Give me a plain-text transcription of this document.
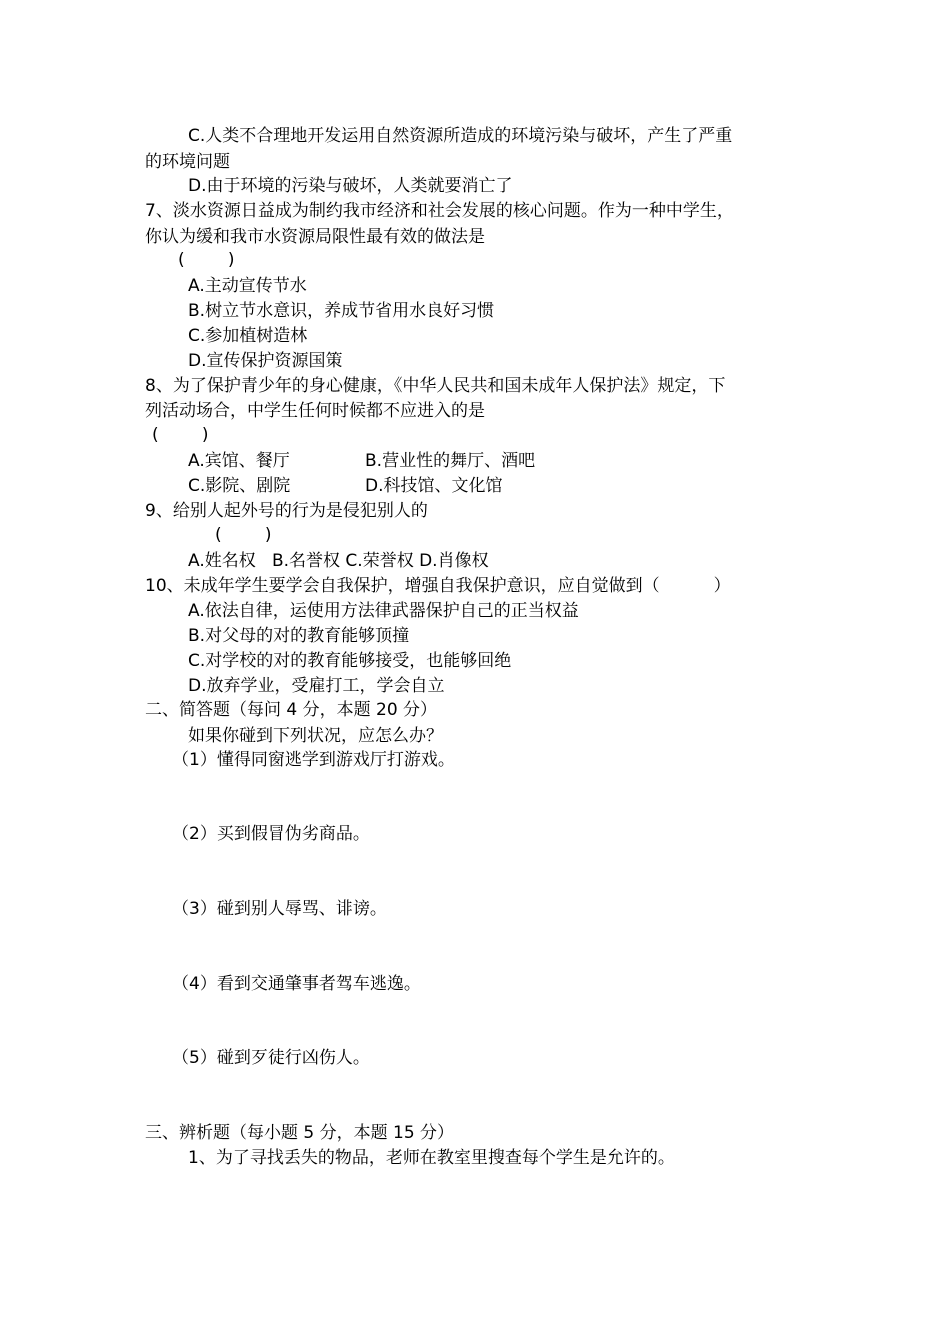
C.人类不合理地开发运用自然资源所造成的环境污染与破坏，产生了严重
的环境问题
D.由于环境的污染与破坏，人类就要消亡了
7、淡水资源日益成为制约我市经济和社会发展的核心问题。作为一种中学生，
你认为缓和我市水资源局限性最有效的做法是
(        )
A.主动宣传节水
B.树立节水意识，养成节省用水良好习惯
C.参加植树造林
D.宣传保护资源国策
8、为了保护青少年的身心健康，《中华人民共和国未成年人保护法》规定，下
列活动场合，中学生任何时候都不应进入的是
(        )
A.宾馆、餐厅	B.营业性的舞厅、酒吧
C.影院、剧院	D.科技馆、文化馆
9、给别人起外号的行为是侵犯别人的
(        )
A.姓名权   B.名誉权 C.荣誉权 D.肖像权
10、未成年学生要学会自我保护，增强自我保护意识，应自觉做到（          ）
A.依法自律，运使用方法律武器保护自己的正当权益
B.对父母的对的教育能够顶撞
C.对学校的对的教育能够接受，也能够回绝
D.放弃学业，受雇打工，学会自立
二、简答题（每问 4 分，本题 20 分）
如果你碰到下列状况，应怎么办？
（1）懂得同窗逃学到游戏厅打游戏。
（2）买到假冒伪劣商品。
（3）碰到别人辱骂、诽谤。
（4）看到交通肇事者驾车逃逸。
（5）碰到歹徒行凶伤人。
三、辨析题（每小题 5 分，本题 15 分）
1、为了寻找丢失的物品，老师在教室里搜查每个学生是允许的。
